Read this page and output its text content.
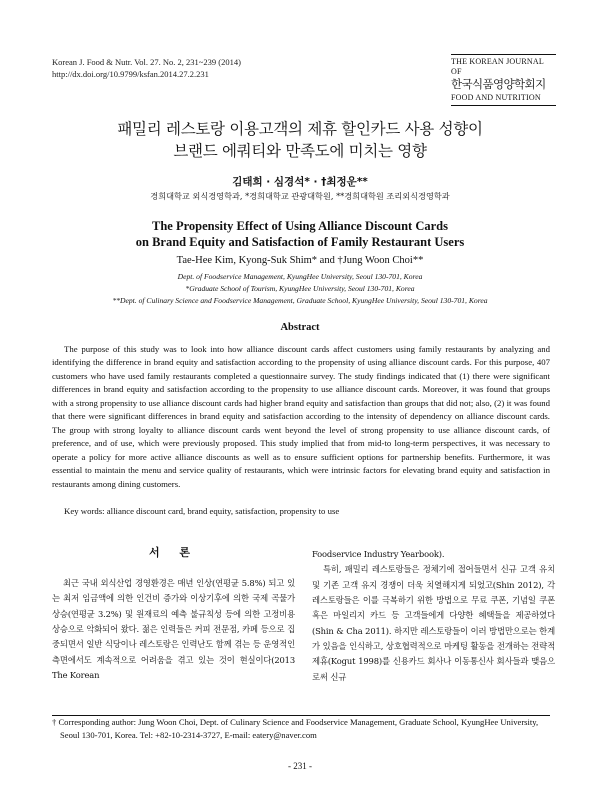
Korean J. Food & Nutr. Vol. 27. No. 2, 231~239 (2014)
http://dx.doi.org/10.9799/ksfan.2014.27.2.231
THE KOREAN JOURNAL OF
한국식품영양학회지
FOOD AND NUTRITION
패밀리 레스토랑 이용고객의 제휴 할인카드 사용 성향이
브랜드 에쿼티와 만족도에 미치는 영향
김태희 · 심경석* · †최정운**
경희대학교 외식경영학과, *경희대학교 관광대학원, **경희대학원 조리외식경영학과
The Propensity Effect of Using Alliance Discount Cards
on Brand Equity and Satisfaction of Family Restaurant Users
Tae-Hee Kim, Kyong-Suk Shim* and †Jung Woon Choi**
Dept. of Foodservice Management, KyungHee University, Seoul 130-701, Korea
*Graduate School of Tourism, KyungHee University, Seoul 130-701, Korea
**Dept. of Culinary Science and Foodservice Management, Graduate School, KyungHee University, Seoul 130-701, Korea
Abstract
The purpose of this study was to look into how alliance discount cards affect customers using family restaurants by analyzing and identifying the difference in brand equity and satisfaction according to the propensity of using alliance discount cards. For this purpose, 407 customers who have used family restaurants completed a questionnaire survey. The study findings indicated that (1) there were significant differences in brand equity and satisfaction according to the propensity to use alliance discount cards. Moreover, it was found that groups with a strong propensity to use alliance discount cards had higher brand equity and satisfaction than groups that did not; also, (2) it was found that there were significant differences in brand equity and satisfaction according to the intensity of dependency on alliance discount cards. The group with strong loyalty to alliance discount cards went beyond the level of strong propensity to use alliance discount cards, of preference, and of use, which were previously proposed. This study implied that from mid-to long-term perspectives, it was necessary to operate a policy for more active alliance discounts as well as to ensure sufficient options for partnership benefits. Furthermore, it was essential to maintain the menu and service quality of restaurants, which were intrinsic factors for elevating brand equity and satisfaction in restaurants among dining customers.
Key words: alliance discount card, brand equity, satisfaction, propensity to use
서 론

최근 국내 외식산업 경영환경은 매년 인상(연평균 5.8%) 되고 있는 최저 임금액에 의한 인건비 증가와 이상기후에 의한 국제 곡물가 상승(연평균 3.2%) 및 원재료의 예측 불규칙성 등에 의한 고정비용 상승으로 악화되어 왔다. 젊은 인력들은 커피 전문점, 카페 등으로 집중되면서 일반 식당이나 레스토랑은 인력난도 함께 겪는 등 운영적인 측면에서도 계속적으로 어려움을 겪고 있는 것이 현실이다(2013 The Korean

Foodservice Industry Yearbook).

특히, 패밀리 레스토랑들은 정체기에 접어들면서 신규 고객 유치 및 기존 고객 유지 경쟁이 더욱 치열해지게 되었고(Shin 2012), 각 레스토랑들은 이를 극복하기 위한 방법으로 무료 쿠폰, 기념일 쿠폰 혹은 마일리지 카드 등 고객들에게 다양한 혜택들을 제공하였다(Shin & Cha 2011). 하지만 레스토랑들이 이러 방법만으로는 한계가 있음을 인식하고, 상호협력적으로 마케팅 활동을 전개하는 전략적 제휴(Kogut 1998)를 신용카드 회사나 이동통신사 회사들과 맺음으로써 신규

† Corresponding author: Jung Woon Choi, Dept. of Culinary Science and Foodservice Management, Graduate School, KyungHee University, Seoul 130-701, Korea. Tel: +82-10-2314-3727, E-mail: eatery@naver.com
- 231 -
